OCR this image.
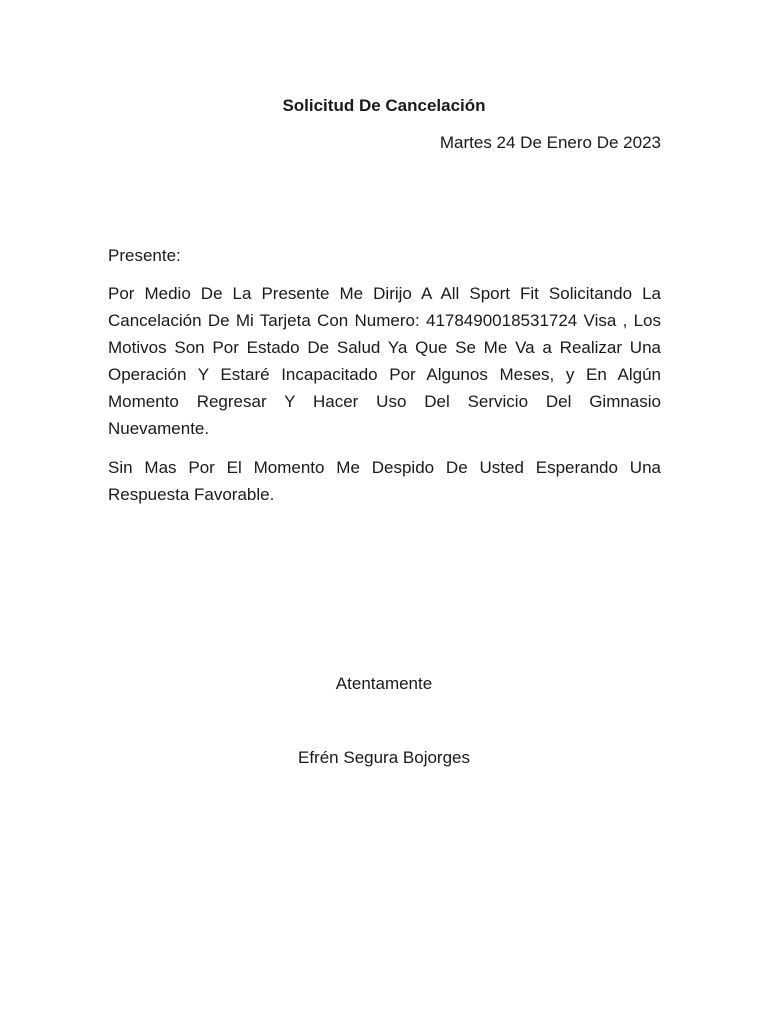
Solicitud De Cancelación
Martes 24 De Enero De 2023
Presente:

Por Medio De La Presente Me Dirijo A All Sport Fit Solicitando La Cancelación De Mi Tarjeta Con Numero: 4178490018531724 Visa , Los Motivos Son Por Estado De Salud Ya Que Se Me Va a Realizar Una Operación Y Estaré Incapacitado Por Algunos Meses, y En Algún Momento Regresar Y Hacer Uso Del Servicio Del Gimnasio Nuevamente.

Sin Mas Por El Momento Me Despido De Usted Esperando Una Respuesta Favorable.

Atentamente
Efrén Segura Bojorges
